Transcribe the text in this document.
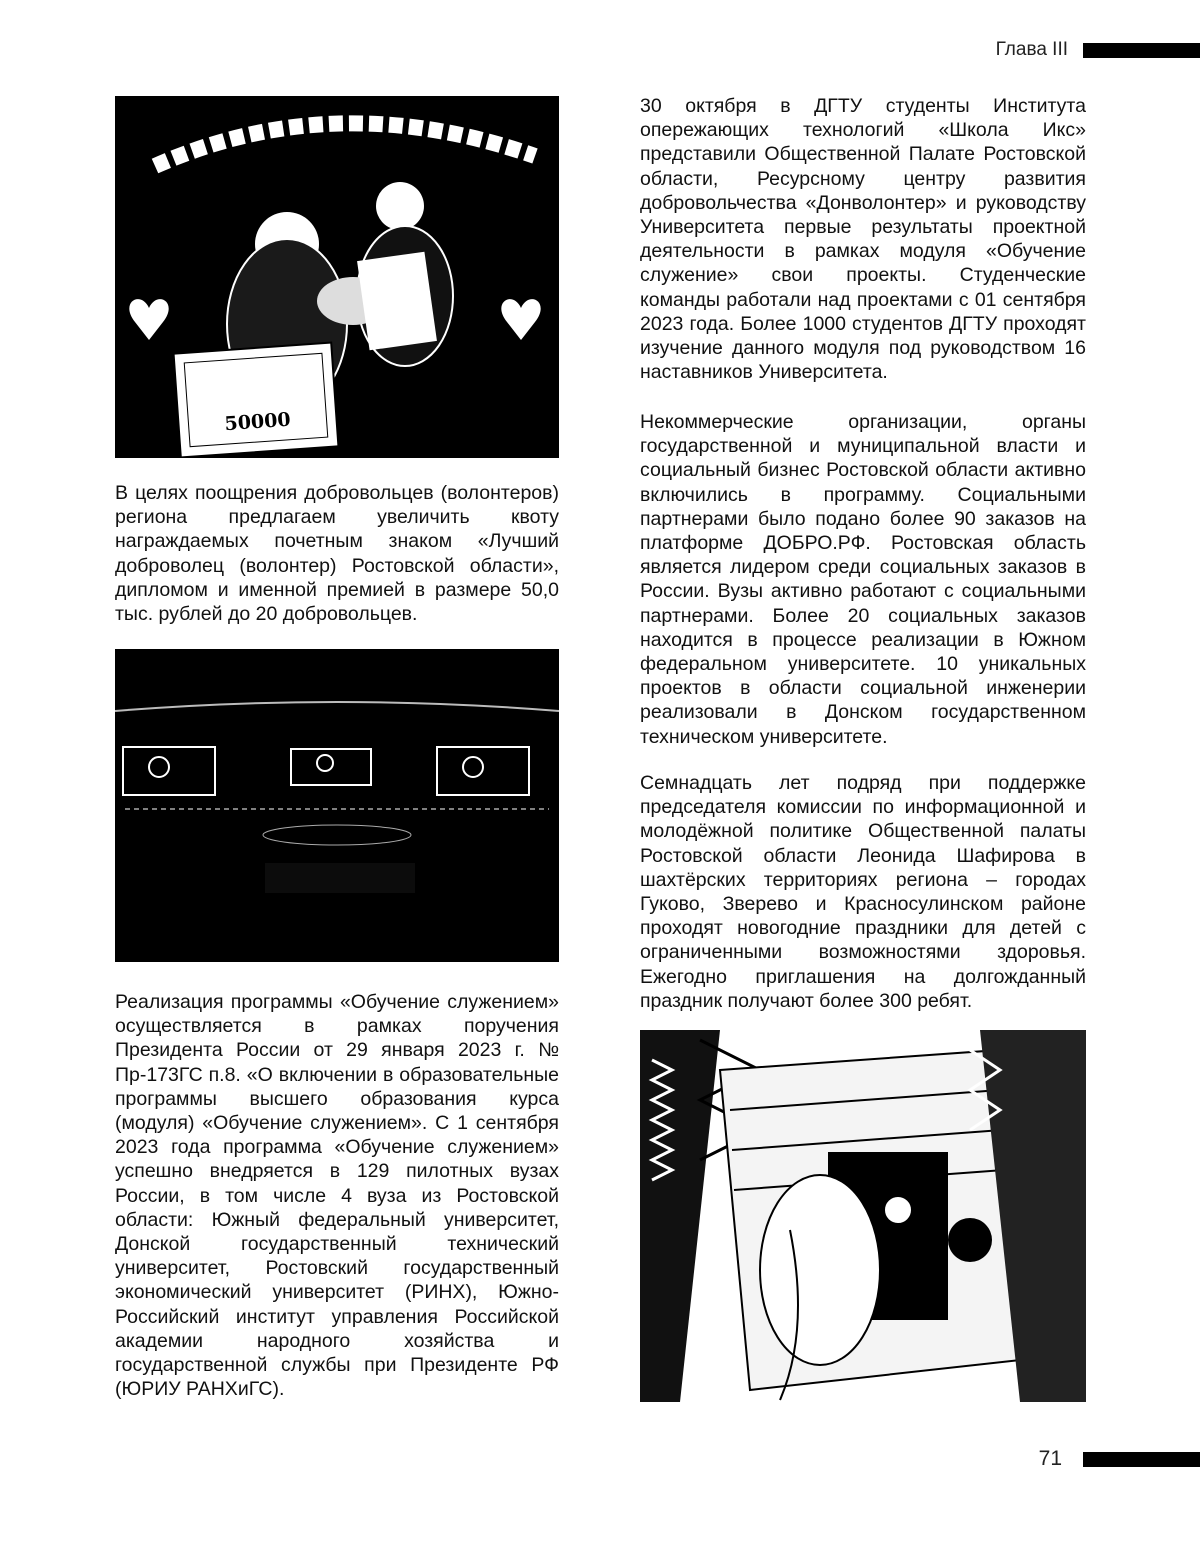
Глава III
50000

В целях поощрения добровольцев (волонтеров) региона предлагаем увеличить квоту награждаемых почетным знаком «Лучший доброволец (волонтер) Ростовской области», дипломом и именной премией в размере 50,0 тыс. рублей до 20 добровольцев.

Реализация программы «Обучение служением» осуществляется в рамках поручения Президента России от 29 января 2023 г. № Пр-173ГС п.8. «О включении в образовательные программы высшего образования курса (модуля) «Обучение служением». С 1 сентября 2023 года программа «Обучение служением» успешно внедряется в 129 пилотных вузах России, в том числе 4 вуза из Ростовской области: Южный федеральный университет, Донской государственный технический университет, Ростовский государственный экономический университет (РИНХ), Южно-Российский институт управления Российской академии народного хозяйства и государственной службы при Президенте РФ (ЮРИУ РАНХиГС).

30 октября в ДГТУ студенты Института опережающих технологий «Школа Икс» представили Общественной Палате Ростовской области, Ресурсному центру развития добровольчества «Донволонтер» и руководству Университета первые результаты проектной деятельности в рамках модуля «Обучение служение» свои проекты. Студенческие команды работали над проектами с 01 сентября 2023 года. Более 1000 студентов ДГТУ проходят изучение данного модуля под руководством 16 наставников Университета.

Некоммерческие организации, органы государственной и муниципальной власти и социальный бизнес Ростовской области активно включились в программу. Социальными партнерами было подано более 90 заказов на платформе ДОБРО.РФ. Ростовская область является лидером среди социальных заказов в России. Вузы активно работают с социальными партнерами. Более 20 социальных заказов находится в процессе реализации в Южном федеральном университете. 10 уникальных проектов в области социальной инженерии реализовали в Донском государственном техническом университете.

Семнадцать лет подряд при поддержке председателя комиссии по информационной и молодёжной политике Общественной палаты Ростовской области Леонида Шафирова в шахтёрских территориях региона – городах Гуково, Зверево и Красносулинском районе проходят новогодние праздники для детей с ограниченными возможностями здоровья. Ежегодно приглашения на долгожданный праздник получают более 300 ребят.

71
